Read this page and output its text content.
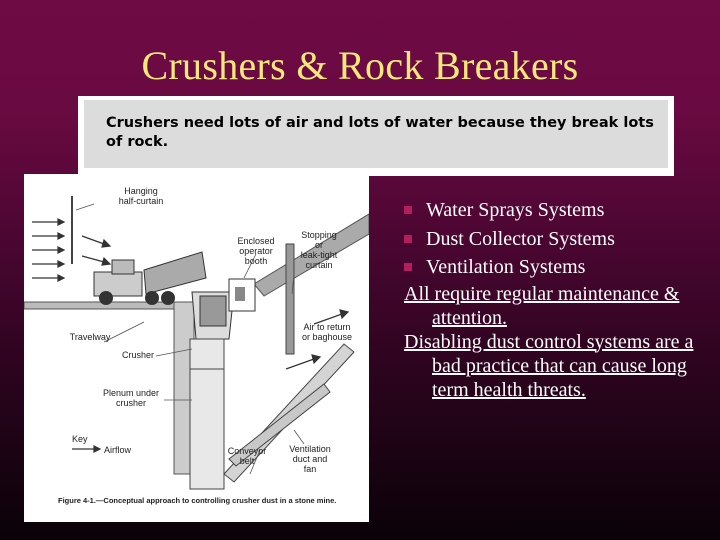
Crushers & Rock Breakers
Crushers need lots of air and lots of water because they break lots of rock.
Hanging
half-curtain
Enclosed
operator
booth
Stopping
or
leak-tight
curtain
Travelway
Air to return
or baghouse
Crusher
Plenum under
crusher
Key
Airflow	Conveyor
belt
Ventilation
duct and
fan
Figure 4-1.—Conceptual approach to controlling crusher dust in a stone mine.
Water Sprays Systems
Dust Collector Systems
Ventilation Systems
All require regular maintenance & attention.
Disabling dust control systems are a bad practice that can cause long term health threats.
